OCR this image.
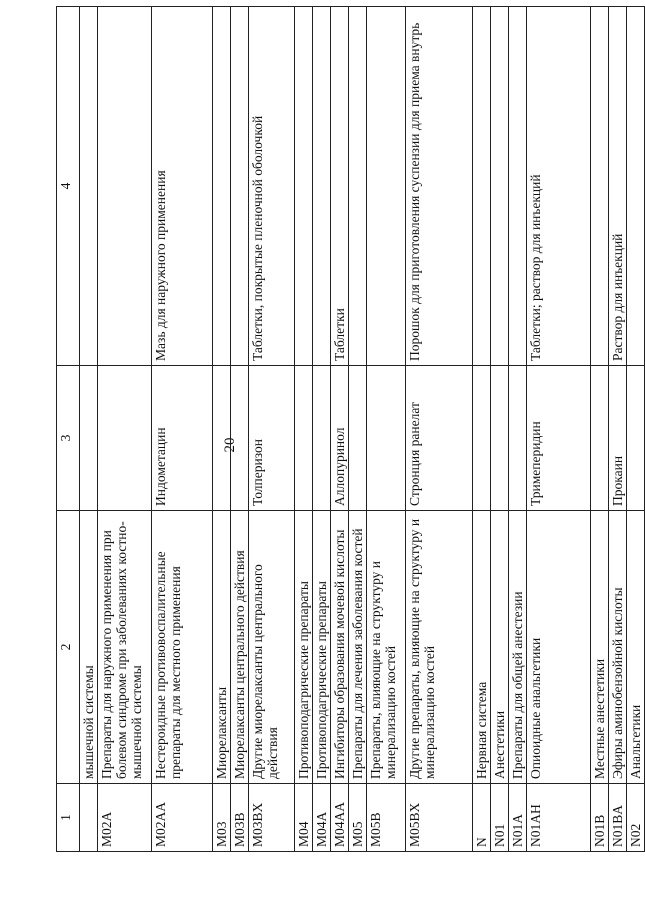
20
1	2	3	4
	мышечной системы		
M02A	Препараты для наружного применения при болевом синдроме при заболеваниях костно-мышечной системы		
M02AA	Нестероидные противовоспалительные препараты для местного применения	Индометацин	Мазь для наружного применения
M03	Миорелаксанты		
M03B	Миорелаксанты центрального действия		
M03BX	Другие миорелаксанты центрального действия	Толперизон	Таблетки, покрытые пленочной оболочкой
M04	Противоподагрические препараты		
M04A	Противоподагрические препараты		
M04AA	Ингибиторы образования мочевой кислоты	Аллопуринол	Таблетки
M05	Препараты для лечения заболевания костей		
M05B	Препараты, влияющие на структуру и минерализацию костей		
M05BX	Другие препараты, влияющие на структуру и минерализацию костей	Стронция ранелат	Порошок для приготовления суспензии для приема внутрь
N	Нервная система		
N01	Анестетики		
N01A	Препараты для общей анестезии		
N01AH	Опиоидные анальгетики	Тримеперидин	Таблетки; раствор для инъекций
N01B	Местные анестетики		
N01BA	Эфиры аминобензойной кислоты	Прокаин	Раствор для инъекций
N02	Анальгетики		
